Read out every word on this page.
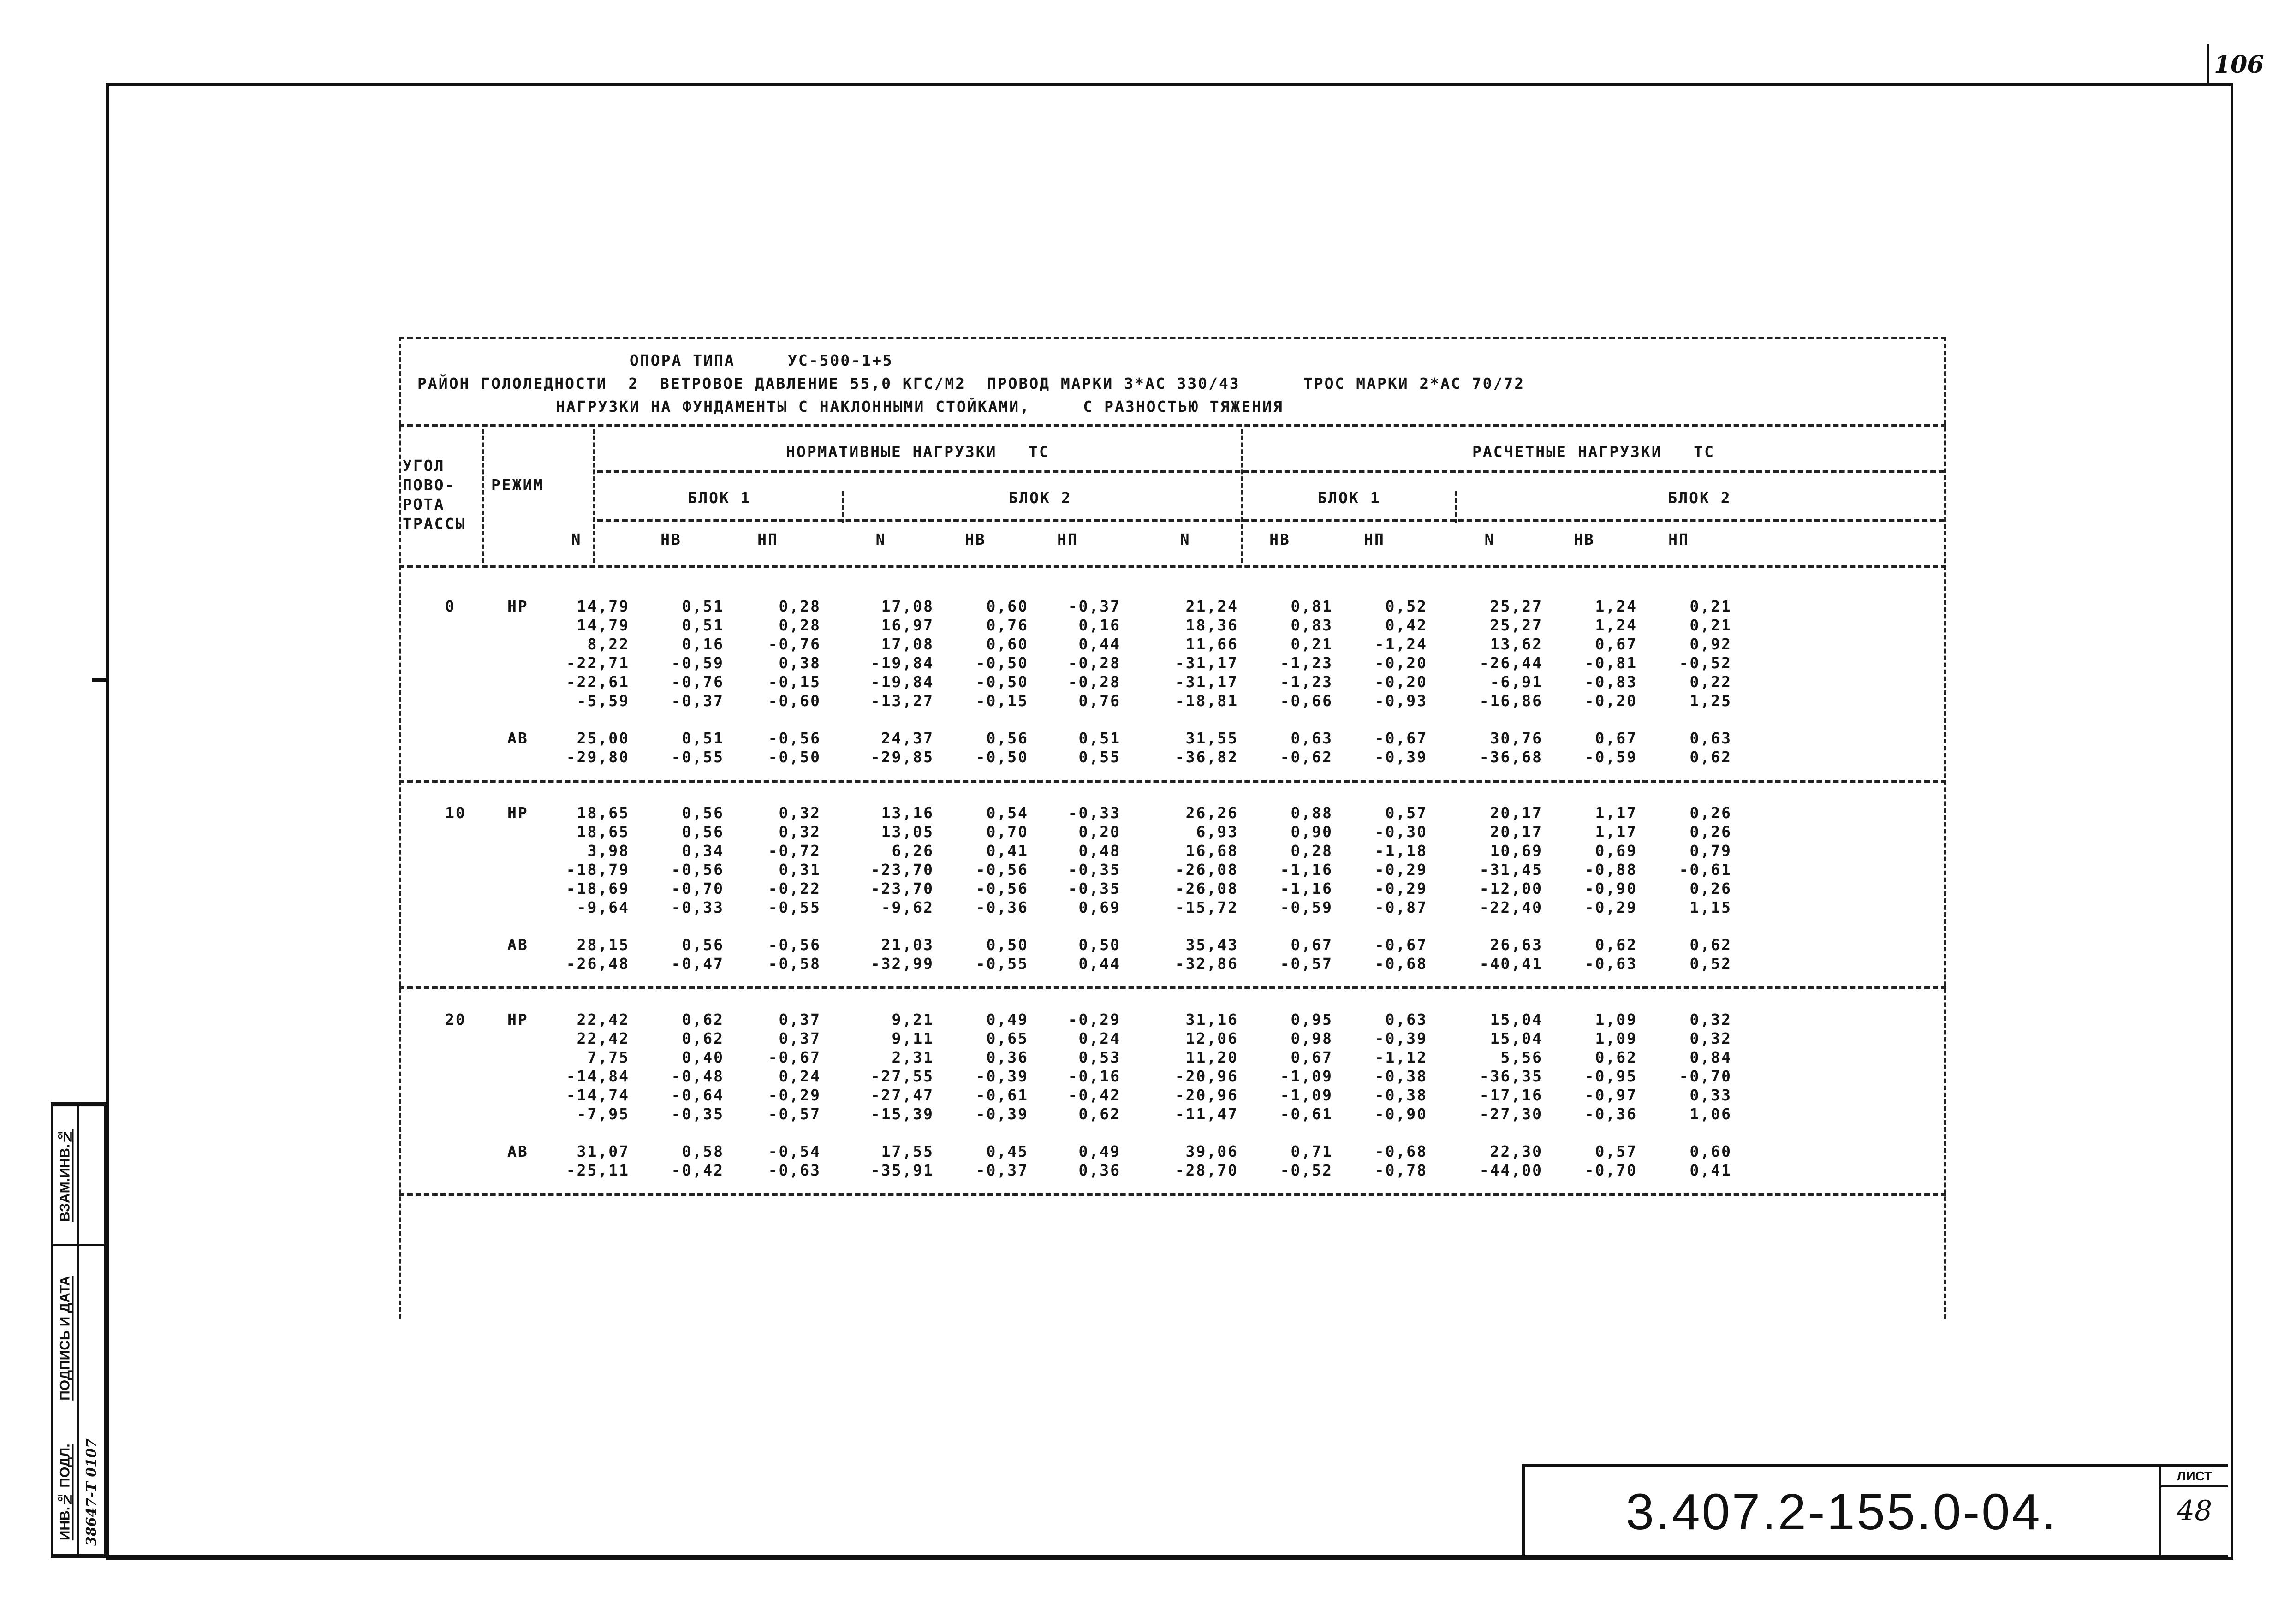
106
ВЗАМ.ИНВ.№
ПОДПИСЬ И ДАТА
ИНВ.№ ПОДЛ. 38647-Т 0107	3.407.2-155.0-04.
ЛИСТ
48
ОПОРА ТИПА     УС-500-1+5
РАЙОН ГОЛОЛЕДНОСТИ  2  ВЕТРОВОЕ ДАВЛЕНИЕ 55,0 КГС/М2  ПРОВОД МАРКИ 3*АС 330/43      ТРОС МАРКИ 2*АС 70/72
НАГРУЗКИ НА ФУНДАМЕНТЫ С НАКЛОННЫМИ СТОЙКАМИ,     С РАЗНОСТЬЮ ТЯЖЕНИЯ
УГОЛ
ПОВО-
РОТА
ТРАССЫ
РЕЖИМ
НОРМАТИВНЫЕ НАГРУЗКИ   ТС	РАСЧЕТНЫЕ НАГРУЗКИ   ТС
БЛОК 1	БЛОК 2	БЛОК 1	БЛОК 2
N	НВ	НП	N	НВ	НП	N	НВ	НП	N	НВ	НП
0	НР	14,79	0,51	0,28	17,08	0,60	-0,37	21,24	0,81	0,52	25,27	1,24	0,21
14,79	0,51	0,28	16,97	0,76	0,16	18,36	0,83	0,42	25,27	1,24	0,21
8,22	0,16	-0,76	17,08	0,60	0,44	11,66	0,21	-1,24	13,62	0,67	0,92
-22,71	-0,59	0,38	-19,84	-0,50	-0,28	-31,17	-1,23	-0,20	-26,44	-0,81	-0,52
-22,61	-0,76	-0,15	-19,84	-0,50	-0,28	-31,17	-1,23	-0,20	-6,91	-0,83	0,22
-5,59	-0,37	-0,60	-13,27	-0,15	0,76	-18,81	-0,66	-0,93	-16,86	-0,20	1,25
АВ	25,00	0,51	-0,56	24,37	0,56	0,51	31,55	0,63	-0,67	30,76	0,67	0,63
-29,80	-0,55	-0,50	-29,85	-0,50	0,55	-36,82	-0,62	-0,39	-36,68	-0,59	0,62
10	НР	18,65	0,56	0,32	13,16	0,54	-0,33	26,26	0,88	0,57	20,17	1,17	0,26
18,65	0,56	0,32	13,05	0,70	0,20	6,93	0,90	-0,30	20,17	1,17	0,26
3,98	0,34	-0,72	6,26	0,41	0,48	16,68	0,28	-1,18	10,69	0,69	0,79
-18,79	-0,56	0,31	-23,70	-0,56	-0,35	-26,08	-1,16	-0,29	-31,45	-0,88	-0,61
-18,69	-0,70	-0,22	-23,70	-0,56	-0,35	-26,08	-1,16	-0,29	-12,00	-0,90	0,26
-9,64	-0,33	-0,55	-9,62	-0,36	0,69	-15,72	-0,59	-0,87	-22,40	-0,29	1,15
АВ	28,15	0,56	-0,56	21,03	0,50	0,50	35,43	0,67	-0,67	26,63	0,62	0,62
-26,48	-0,47	-0,58	-32,99	-0,55	0,44	-32,86	-0,57	-0,68	-40,41	-0,63	0,52
20	НР	22,42	0,62	0,37	9,21	0,49	-0,29	31,16	0,95	0,63	15,04	1,09	0,32
22,42	0,62	0,37	9,11	0,65	0,24	12,06	0,98	-0,39	15,04	1,09	0,32
7,75	0,40	-0,67	2,31	0,36	0,53	11,20	0,67	-1,12	5,56	0,62	0,84
-14,84	-0,48	0,24	-27,55	-0,39	-0,16	-20,96	-1,09	-0,38	-36,35	-0,95	-0,70
-14,74	-0,64	-0,29	-27,47	-0,61	-0,42	-20,96	-1,09	-0,38	-17,16	-0,97	0,33
-7,95	-0,35	-0,57	-15,39	-0,39	0,62	-11,47	-0,61	-0,90	-27,30	-0,36	1,06
АВ	31,07	0,58	-0,54	17,55	0,45	0,49	39,06	0,71	-0,68	22,30	0,57	0,60
-25,11	-0,42	-0,63	-35,91	-0,37	0,36	-28,70	-0,52	-0,78	-44,00	-0,70	0,41
